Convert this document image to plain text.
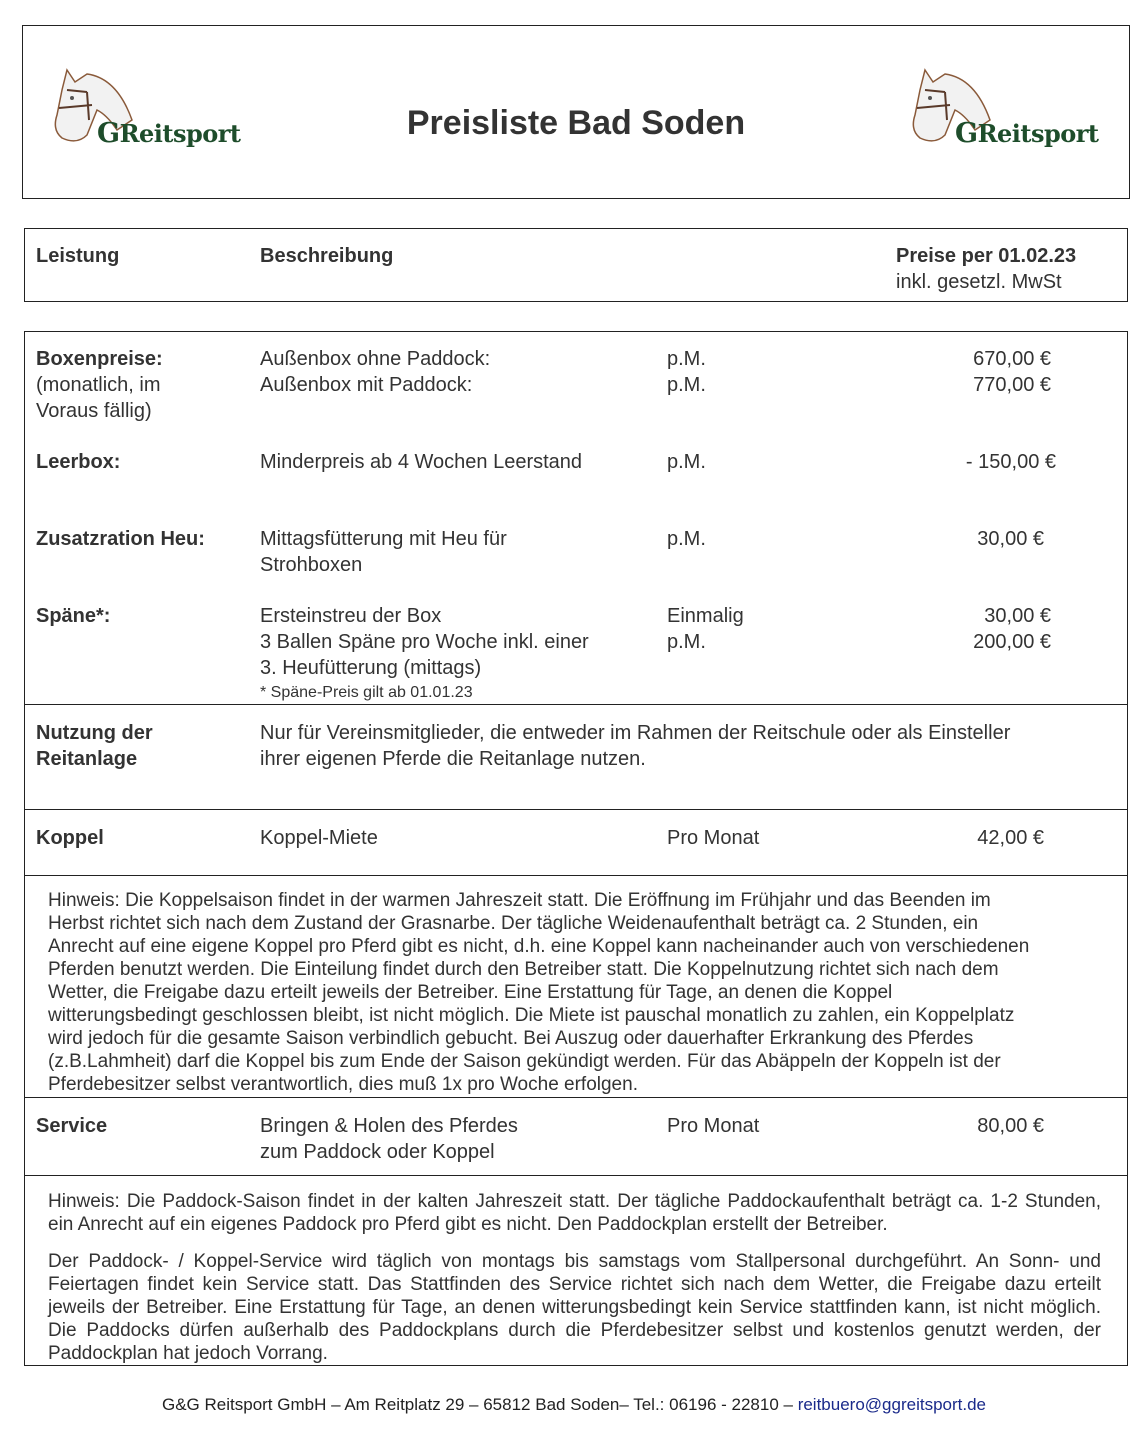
GReitsport	Preisliste Bad Soden	GReitsport
Leistung	Beschreibung	Preise per 01.02.23
inkl. gesetzl. MwSt
Boxenpreise:
(monatlich, im
Voraus fällig)
Außenbox ohne Paddock:	p.M.	670,00 €
Außenbox mit Paddock:	p.M.	770,00 €
Leerbox:	Minderpreis ab 4 Wochen Leerstand	p.M.	- 150,00 €
Zusatzration Heu:	Mittagsfütterung mit Heu für
Strohboxen
p.M.	30,00 €
Späne*:	Ersteinstreu der Box	Einmalig	30,00 €
3 Ballen Späne pro Woche inkl. einer	p.M.	200,00 €
3. Heufütterung (mittags)
* Späne-Preis gilt ab 01.01.23
Nutzung der
Reitanlage
Nur für Vereinsmitglieder, die entweder im Rahmen der Reitschule oder als Einsteller
ihrer eigenen Pferde die Reitanlage nutzen.
Koppel	Koppel-Miete	Pro Monat	42,00 €
Hinweis: Die Koppelsaison findet in der warmen Jahreszeit statt. Die Eröffnung im Frühjahr und das Beenden im
Herbst richtet sich nach dem Zustand der Grasnarbe. Der tägliche Weidenaufenthalt beträgt ca. 2 Stunden, ein
Anrecht auf eine eigene Koppel pro Pferd gibt es nicht, d.h. eine Koppel kann nacheinander auch von verschiedenen
Pferden benutzt werden. Die Einteilung findet durch den Betreiber statt. Die Koppelnutzung richtet sich nach dem
Wetter, die Freigabe dazu erteilt jeweils der Betreiber. Eine Erstattung für Tage, an denen die Koppel
witterungsbedingt geschlossen bleibt, ist nicht möglich. Die Miete ist pauschal monatlich zu zahlen, ein Koppelplatz
wird jedoch für die gesamte Saison verbindlich gebucht. Bei Auszug oder dauerhafter Erkrankung des Pferdes
(z.B.Lahmheit) darf die Koppel bis zum Ende der Saison gekündigt werden. Für das Abäppeln der Koppeln ist der
Pferdebesitzer selbst verantwortlich, dies muß 1x pro Woche erfolgen.
Service	Bringen & Holen des Pferdes
zum Paddock oder Koppel
Pro Monat	80,00 €
Hinweis: Die Paddock-Saison findet in der kalten Jahreszeit statt. Der tägliche Paddockaufenthalt beträgt ca. 1-2 Stunden, ein Anrecht auf ein eigenes Paddock pro Pferd gibt es nicht. Den Paddockplan erstellt der Betreiber.
Der Paddock- / Koppel-Service wird täglich von montags bis samstags vom Stallpersonal durchgeführt. An Sonn- und Feiertagen findet kein Service statt. Das Stattfinden des Service richtet sich nach dem Wetter, die Freigabe dazu erteilt jeweils der Betreiber. Eine Erstattung für Tage, an denen witterungsbedingt kein Service stattfinden kann, ist nicht möglich. Die Paddocks dürfen außerhalb des Paddockplans durch die Pferdebesitzer selbst und kostenlos genutzt werden, der Paddockplan hat jedoch Vorrang.
G&G Reitsport GmbH – Am Reitplatz 29 – 65812 Bad Soden– Tel.: 06196 - 22810 – reitbuero@ggreitsport.de
